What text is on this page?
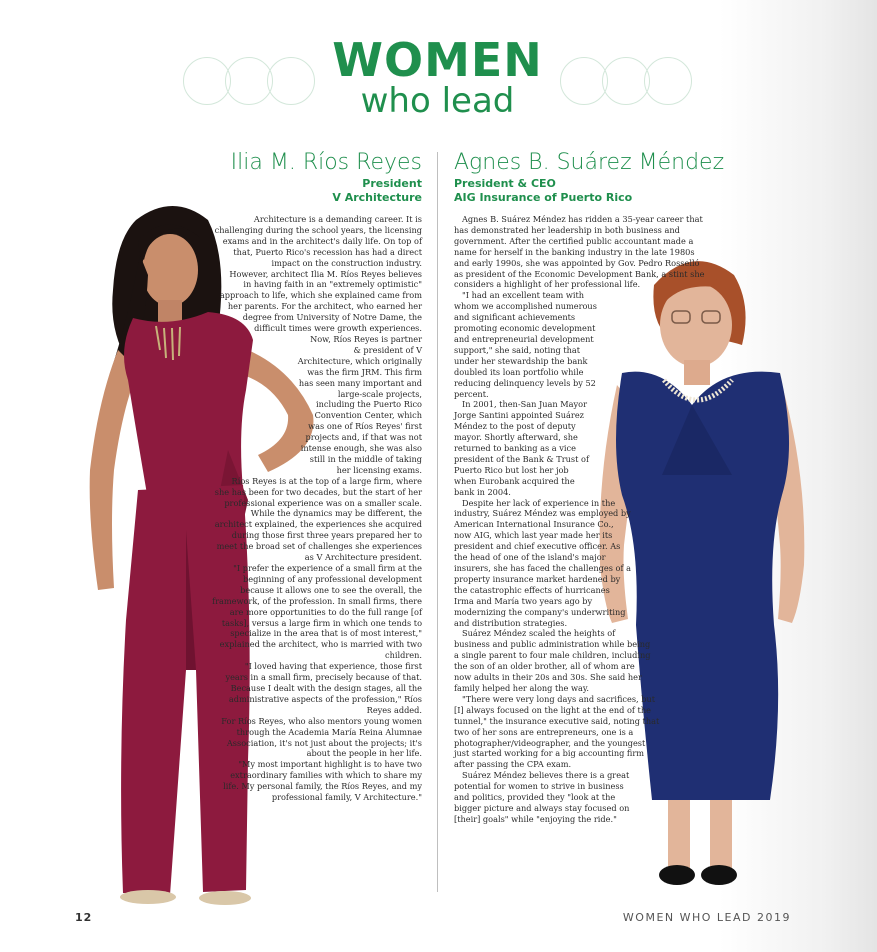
WOMEN
who lead
Ilia M. Ríos Reyes
President
V Architecture
Agnes B. Suárez Méndez
President & CEO
AIG Insurance of Puerto Rico

Architecture is a demanding career. It is challenging during the school years, the licensing exams and in the architect's daily life. On top of that, Puerto Rico's recession has had a direct impact on the construction industry.

However, architect Ilia M. Ríos Reyes believes in having faith in an "extremely optimistic" approach to life, which she explained came from her parents. For the architect, who earned her degree from University of Notre Dame, the difficult times were growth experiences.

Now, Ríos Reyes is partner & president of V Architecture, which originally was the firm JRM. This firm has seen many important and large-scale projects, including the Puerto Rico Convention Center, which was one of Ríos Reyes' first projects and, if that was not intense enough, she was also still in the middle of taking her licensing exams.

Ríos Reyes is at the top of a large firm, where she has been for two decades, but the start of her professional experience was on a smaller scale. While the dynamics may be different, the architect explained, the experiences she acquired during those first three years prepared her to meet the broad set of challenges she experiences as V Architecture president.

"I prefer the experience of a small firm at the beginning of any professional development because it allows one to see the overall, the framework, of the profession. In small firms, there are more opportunities to do the full range [of tasks], versus a large firm in which one tends to specialize in the area that is of most interest," explained the architect, who is married with two children.

"I loved having that experience, those first years in a small firm, precisely because of that. Because I dealt with the design stages, all the administrative aspects of the profession," Ríos Reyes added.

For Ríos Reyes, who also mentors young women through the Academia María Reina Alumnae Association, it's not just about the projects; it's about the people in her life.

"My most important highlight is to have two extraordinary families with which to share my life. My personal family, the Ríos Reyes, and my professional family, V Architecture."

Agnes B. Suárez Méndez has ridden a 35-year career that has demonstrated her leadership in both business and government. After the certified public accountant made a name for herself in the banking industry in the late 1980s and early 1990s, she was appointed by Gov. Pedro Rosselló as president of the Economic Development Bank, a stint she considers a highlight of her professional life.

"I had an excellent team with whom we accomplished numerous and significant achievements promoting economic development and entrepreneurial development support," she said, noting that under her stewardship the bank doubled its loan portfolio while reducing delinquency levels by 52 percent.

In 2001, then-San Juan Mayor Jorge Santini appointed Suárez Méndez to the post of deputy mayor. Shortly afterward, she returned to banking as a vice president of the Bank & Trust of Puerto Rico but lost her job when Eurobank acquired the bank in 2004.

Despite her lack of experience in the industry, Suárez Méndez was employed by American International Insurance Co., now AIG, which last year made her its president and chief executive officer. As the head of one of the island's major insurers, she has faced the challenges of a property insurance market hardened by the catastrophic effects of hurricanes Irma and María two years ago by modernizing the company's underwriting and distribution strategies.

Suárez Méndez scaled the heights of business and public administration while being a single parent to four male children, including the son of an older brother, all of whom are now adults in their 20s and 30s. She said her family helped her along the way.

"There were very long days and sacrifices, but [I] always focused on the light at the end of the tunnel," the insurance executive said, noting that two of her sons are entrepreneurs, one is a photographer/videographer, and the youngest just started working for a big accounting firm after passing the CPA exam.

Suárez Méndez believes there is a great potential for women to strive in business and politics, provided they "look at the bigger picture and always stay focused on [their] goals" while "enjoying the ride."

12	WOMEN WHO LEAD 2019
